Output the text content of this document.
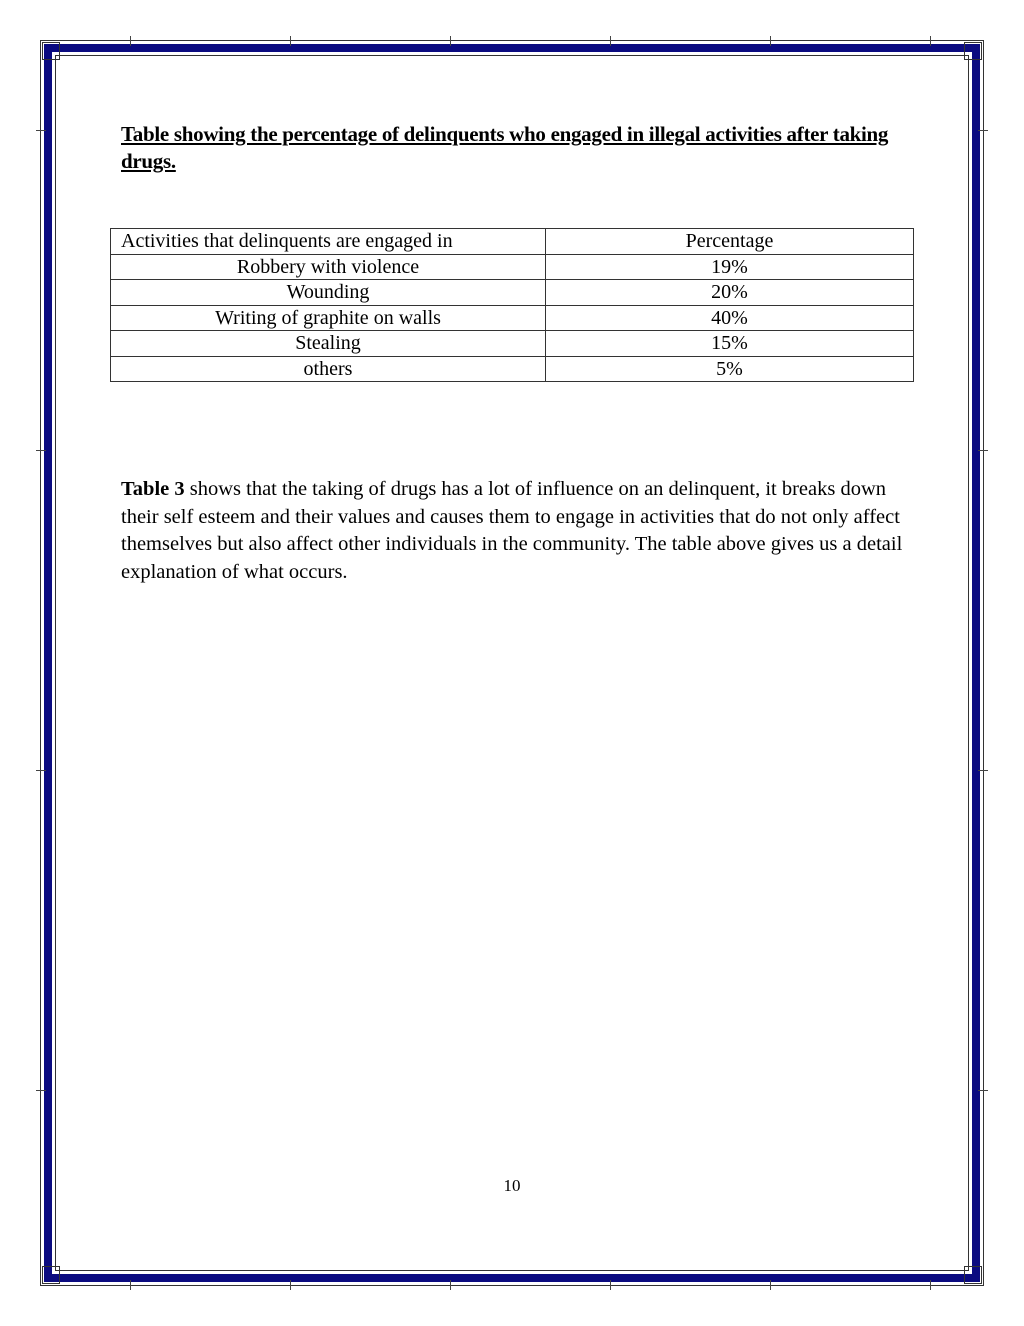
Table showing the percentage of delinquents who engaged in illegal activities after taking drugs.

Activities that delinquents are engaged in	Percentage
Robbery with violence	19%
Wounding	20%
Writing of graphite on walls	40%
Stealing	15%
others	5%

Table 3 shows that the taking of drugs has a lot of influence on an delinquent, it breaks down their self esteem and their values and causes them to engage in activities that do not only affect themselves but also affect other individuals in the community. The table above gives us a detail explanation of what occurs.

10
